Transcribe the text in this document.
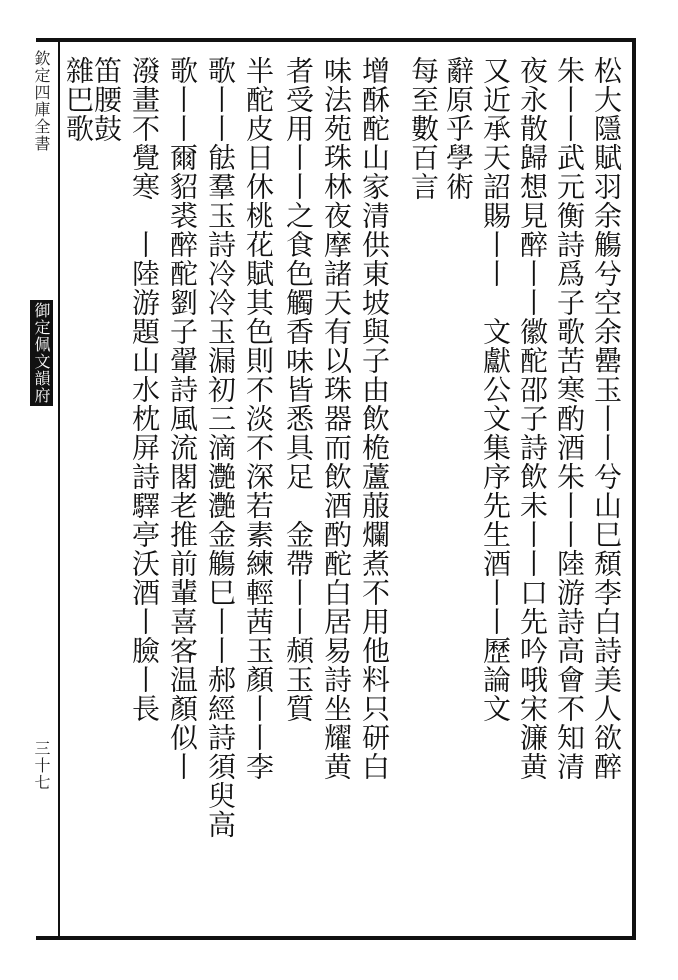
欽定四庫全書
御定佩文韻府
三十七	松大隱賦羽余觴兮空余罍玉丨丨兮山巳頹李白詩美人欲醉
朱丨丨武元衡詩爲子歌苦寒酌酒朱丨丨陸游詩高會不知清
夜永散歸想見醉丨丨徽酡邵子詩飲未丨丨口先吟哦宋濂黄
又近承天詔賜丨丨　文獻公文集序先生酒丨丨歷論文
辭原乎學術
每至數百言
增酥酡山家清供東坡與子由飲桅蘆菔爛煮不用他料只研白
味法苑珠林夜摩諸天有以珠器而飲酒酌酡白居易詩坐耀黄
者受用丨丨之食色觸香味皆悉具足　金帶丨丨頳玉質
半酡皮日休桃花賦其色則不淡不深若素練輕茜玉顏丨丨李
歌丨丨䏻羣玉詩冷冷玉漏初三滴灔灔金觴巳丨丨郝經詩須臾高
歌丨丨爾貂裘醉酡劉子翬詩風流閣老推前輩喜客温顏似丨
潑畫不覺寒　丨陸游題山水枕屏詩驛亭沃酒丨臉丨長
笛腰鼓
雜巴歌
